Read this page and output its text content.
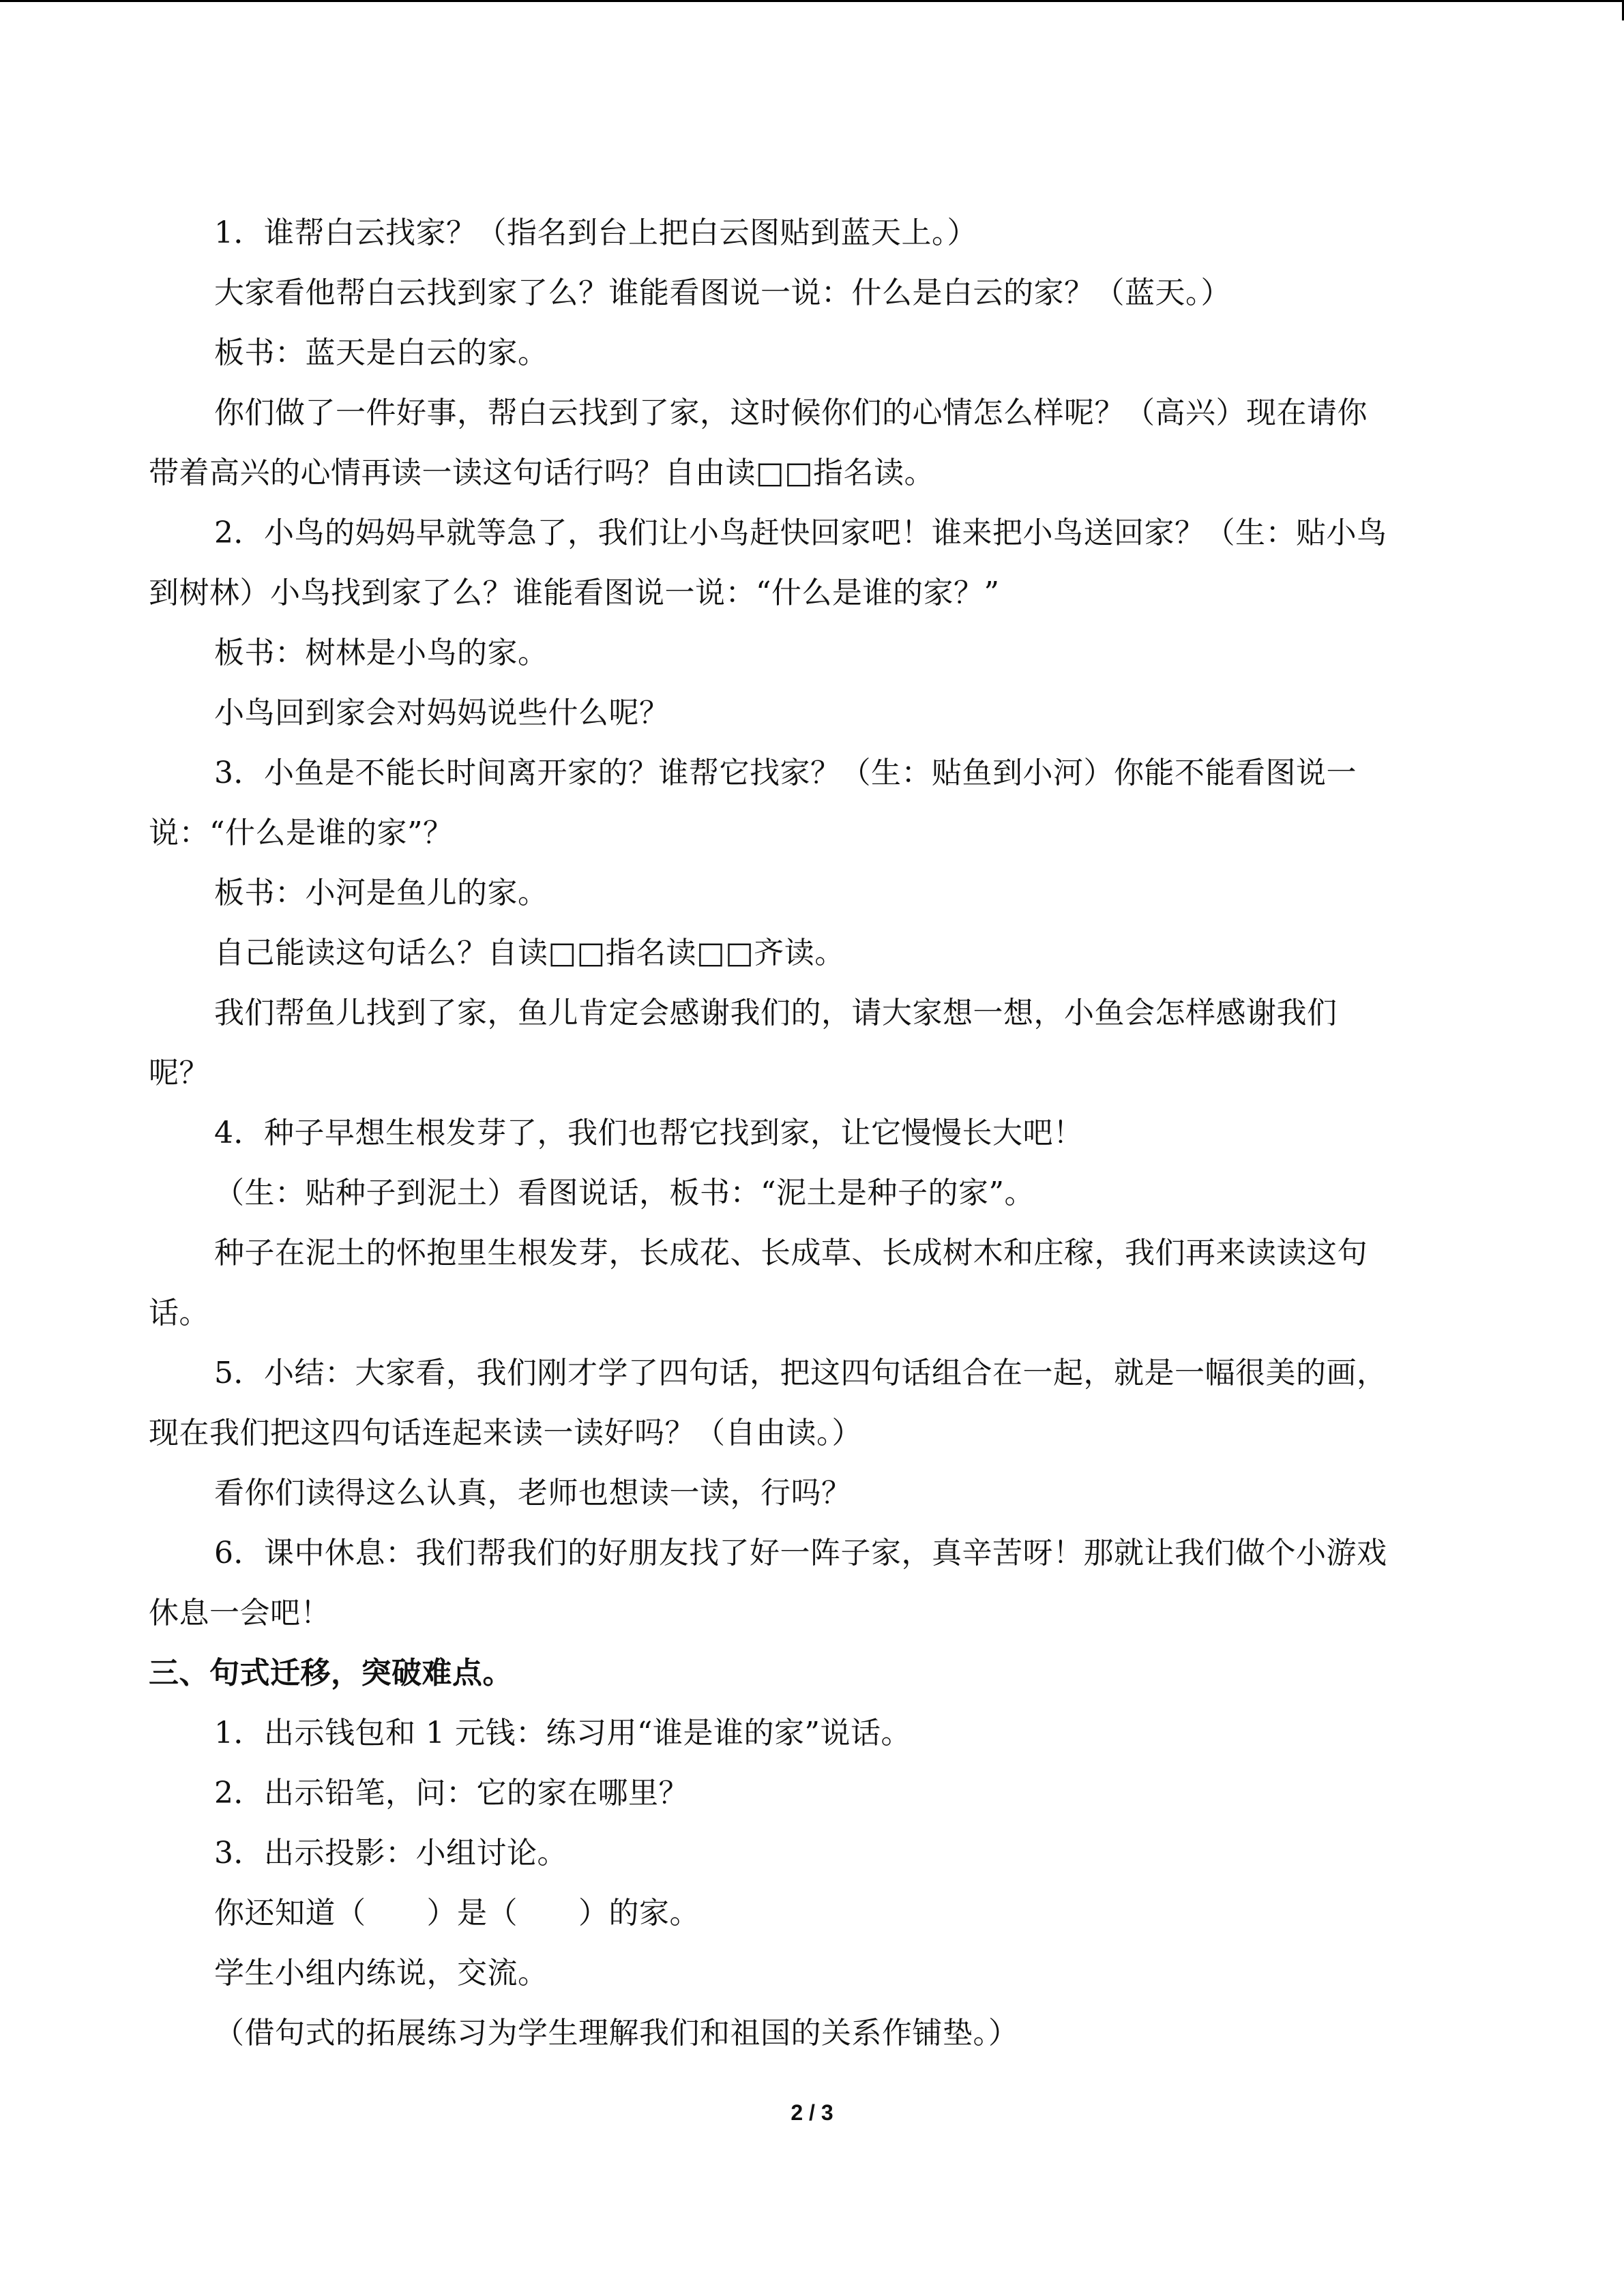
1．谁帮白云找家？（指名到台上把白云图贴到蓝天上。）
大家看他帮白云找到家了么？谁能看图说一说：什么是白云的家？（蓝天。）
板书：蓝天是白云的家。
你们做了一件好事，帮白云找到了家，这时候你们的心情怎么样呢？（高兴）现在请你
带着高兴的心情再读一读这句话行吗？自由读□□指名读。
2．小鸟的妈妈早就等急了，我们让小鸟赶快回家吧！谁来把小鸟送回家？（生：贴小鸟
到树林）小鸟找到家了么？谁能看图说一说：“什么是谁的家？”
板书：树林是小鸟的家。
小鸟回到家会对妈妈说些什么呢？
3．小鱼是不能长时间离开家的？谁帮它找家？（生：贴鱼到小河）你能不能看图说一
说：“什么是谁的家”？
板书：小河是鱼儿的家。
自己能读这句话么？自读□□指名读□□齐读。
我们帮鱼儿找到了家，鱼儿肯定会感谢我们的，请大家想一想，小鱼会怎样感谢我们
呢？
4．种子早想生根发芽了，我们也帮它找到家，让它慢慢长大吧！
（生：贴种子到泥土）看图说话，板书：“泥土是种子的家”。
种子在泥土的怀抱里生根发芽，长成花、长成草、长成树木和庄稼，我们再来读读这句
话。
5．小结：大家看，我们刚才学了四句话，把这四句话组合在一起，就是一幅很美的画，
现在我们把这四句话连起来读一读好吗？（自由读。）
看你们读得这么认真，老师也想读一读，行吗？
6．课中休息：我们帮我们的好朋友找了好一阵子家，真辛苦呀！那就让我们做个小游戏
休息一会吧！
三、句式迁移，突破难点。
1．出示钱包和 1 元钱：练习用“谁是谁的家”说话。
2．出示铅笔，问：它的家在哪里？
3．出示投影：小组讨论。
你还知道（　　）是（　　）的家。
学生小组内练说，交流。
（借句式的拓展练习为学生理解我们和祖国的关系作铺垫。）
2 / 3
